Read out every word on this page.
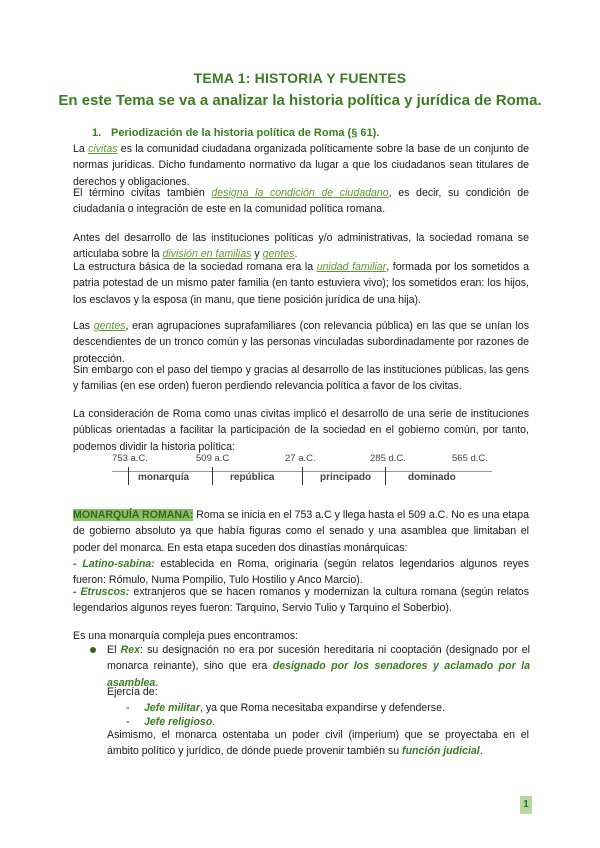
TEMA 1: HISTORIA Y FUENTES
En este Tema se va a analizar la historia política y jurídica de Roma.
1. Periodización de la historia política de Roma (§ 61).

La civitas es la comunidad ciudadana organizada políticamente sobre la base de un conjunto de normas jurídicas. Dicho fundamento normativo da lugar a que los ciudadanos sean titulares de derechos y obligaciones.

El término civitas también designa la condición de ciudadano, es decir, su condición de ciudadanía o integración de este en la comunidad política romana.

Antes del desarrollo de las instituciones políticas y/o administrativas, la sociedad romana se articulaba sobre la división en familias y gentes.

La estructura básica de la sociedad romana era la unidad familiar, formada por los sometidos a patria potestad de un mismo pater familia (en tanto estuviera vivo); los sometidos eran: los hijos, los esclavos y la esposa (in manu, que tiene posición jurídica de una hija).

Las gentes, eran agrupaciones suprafamiliares (con relevancia pública) en las que se unían los descendientes de un tronco común y las personas vinculadas subordinadamente por razones de protección.

Sin embargo con el paso del tiempo y gracias al desarrollo de las instituciones públicas, las gens y familias (en ese orden) fueron perdiendo relevancia política a favor de los civitas.

La consideración de Roma como unas civitas implicó el desarrollo de una serie de instituciones públicas orientadas a facilitar la participación de la sociedad en el gobierno común, por tanto, podemos dividir la historia política:

753 a.C.	509 a.C	27 a.C.	285 d.C.	565 d.C.
monarquía	república	principado	dominado

MONARQUÍA ROMANA: Roma se inicia en el 753 a.C y llega hasta el 509 a.C. No es una etapa de gobierno absoluto ya que había figuras como el senado y una asamblea que limitaban el poder del monarca. En esta etapa suceden dos dinastías monárquicas:

- Latino-sabina: establecida en Roma, originaria (según relatos legendarios algunos reyes fueron: Rómulo, Numa Pompilio, Tulo Hostilio y Anco Marcio).

- Etruscos: extranjeros que se hacen romanos y modernizan la cultura romana (según relatos legendarios algunos reyes fueron: Tarquino, Servio Tulio y Tarquino el Soberbio).

Es una monarquía compleja pues encontramos:

El Rex: su designación no era por sucesión hereditaria ni cooptación (designado por el monarca reinante), sino que era designado por los senadores y aclamado por la asamblea.
Ejercía de:
- Jefe militar, ya que Roma necesitaba expandirse y defenderse.
- Jefe religioso.

Asimismo, el monarca ostentaba un poder civil (imperium) que se proyectaba en el ámbito político y jurídico, de dónde puede provenir también su función judicial.

1
